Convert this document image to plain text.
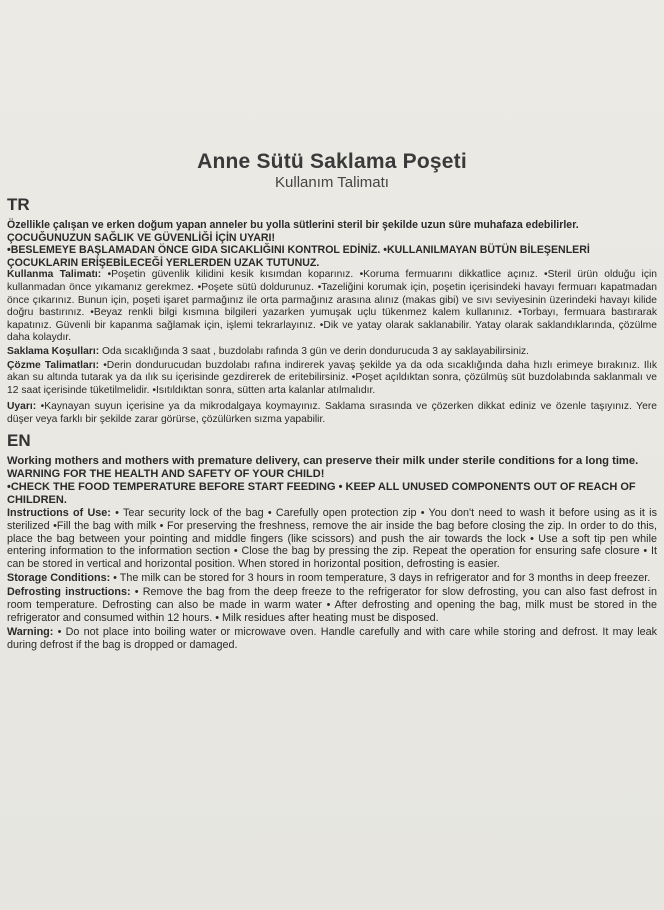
Anne Sütü Saklama Poşeti
Kullanım Talimatı
TR

Özellikle çalışan ve erken doğum yapan anneler bu yolla sütlerini steril bir şekilde uzun süre muhafaza edebilirler.

ÇOCUĞUNUZUN SAĞLIK VE GÜVENLİĞİ İÇİN UYARI!

•BESLEMEYE BAŞLAMADAN ÖNCE GIDA SICAKLIĞINI KONTROL EDİNİZ. •KULLANILMAYAN BÜTÜN BİLEŞENLERİ ÇOCUKLARIN ERİŞEBİLECEĞİ YERLERDEN UZAK TUTUNUZ.

Kullanma Talimatı: •Poşetin güvenlik kilidini kesik kısımdan koparınız. •Koruma fermuarını dikkatlice açınız. •Steril ürün olduğu için kullanmadan önce yıkamanız gerekmez. •Poşete sütü doldurunuz. •Tazeliğini korumak için, poşetin içerisindeki havayı fermuarı kapatmadan önce çıkarınız. Bunun için, poşeti işaret parmağınız ile orta parmağınız arasına alınız (makas gibi) ve sıvı seviyesinin üzerindeki havayı kilide doğru bastırınız. •Beyaz renkli bilgi kısmına bilgileri yazarken yumuşak uçlu tükenmez kalem kullanınız. •Torbayı, fermuara bastırarak kapatınız. Güvenli bir kapanma sağlamak için, işlemi tekrarlayınız. •Dik ve yatay olarak saklanabilir. Yatay olarak saklandıklarında, çözülme daha kolaydır.

Saklama Koşulları: Oda sıcaklığında 3 saat , buzdolabı rafında 3 gün ve derin dondurucuda 3 ay saklayabilirsiniz.

Çözme Talimatları: •Derin dondurucudan buzdolabı rafına indirerek yavaş şekilde ya da oda sıcaklığında daha hızlı erimeye bırakınız. Ilık akan su altında tutarak ya da ılık su içerisinde gezdirerek de eritebilirsiniz. •Poşet açıldıktan sonra, çözülmüş süt buzdolabında saklanmalı ve 12 saat içerisinde tüketilmelidir. •Isıtıldıktan sonra, sütten arta kalanlar atılmalıdır.

Uyarı: •Kaynayan suyun içerisine ya da mikrodalgaya koymayınız. Saklama sırasında ve çözerken dikkat ediniz ve özenle taşıyınız. Yere düşer veya farklı bir şekilde zarar görürse, çözülürken sızma yapabilir.

EN

Working mothers and mothers with premature delivery, can preserve their milk under sterile conditions for a long time.

WARNING FOR THE HEALTH AND SAFETY OF YOUR CHILD!

•CHECK THE FOOD TEMPERATURE BEFORE START FEEDING • KEEP ALL UNUSED COMPONENTS OUT OF REACH OF CHILDREN.

Instructions of Use: • Tear security lock of the bag • Carefully open protection zip • You don't need to wash it before using as it is sterilized •Fill the bag with milk • For preserving the freshness, remove the air inside the bag before closing the zip. In order to do this, place the bag between your pointing and middle fingers (like scissors) and push the air towards the lock • Use a soft tip pen while entering information to the information section • Close the bag by pressing the zip. Repeat the operation for ensuring safe closure • It can be stored in vertical and horizontal position. When stored in horizontal position, defrosting is easier.

Storage Conditions: • The milk can be stored for 3 hours in room temperature, 3 days in refrigerator and for 3 months in deep freezer.

Defrosting instructions: • Remove the bag from the deep freeze to the refrigerator for slow defrosting, you can also fast defrost in room temperature. Defrosting can also be made in warm water • After defrosting and opening the bag, milk must be stored in the refrigerator and consumed within 12 hours. • Milk residues after heating must be disposed.

Warning: • Do not place into boiling water or microwave oven. Handle carefully and with care while storing and defrost. It may leak during defrost if the bag is dropped or damaged.
